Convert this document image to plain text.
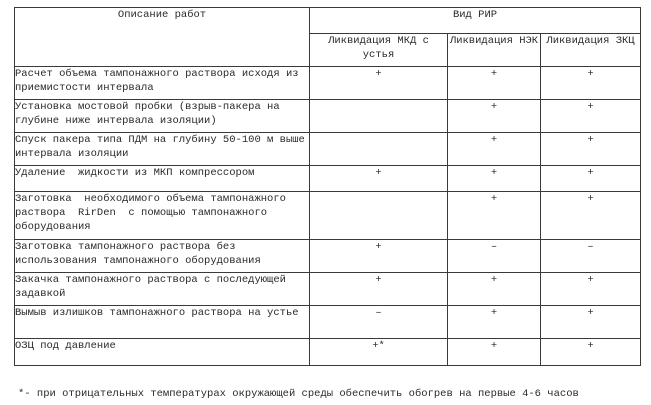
Описание работ	Вид РИР		
	Ликвидация МКД с устья	Ликвидация НЭК	Ликвидация ЗКЦ
Расчет объема тампонажного раствора исходя из приемистости интервала	+	+	+
Установка мостовой пробки (взрыв-пакера на глубине ниже интервала изоляции)		+	+
Спуск пакера типа ПДМ на глубину 50-100 м выше интервала изоляции		+	+
Удаление  жидкости из МКП компрессором	+	+	+
Заготовка  необходимого объема тампонажного раствора  RirDen  с помощью тампонажного оборудования		+	+
Заготовка тампонажного раствора без использования тампонажного оборудования	+	–	–
Закачка тампонажного раствора с последующей задавкой	+	+	+
Вымыв излишков тампонажного раствора на устье	–	+	+
ОЗЦ под давление	+*	+	+
*- при отрицательных температурах окружающей среды обеспечить обогрев на первые 4-6 часов
